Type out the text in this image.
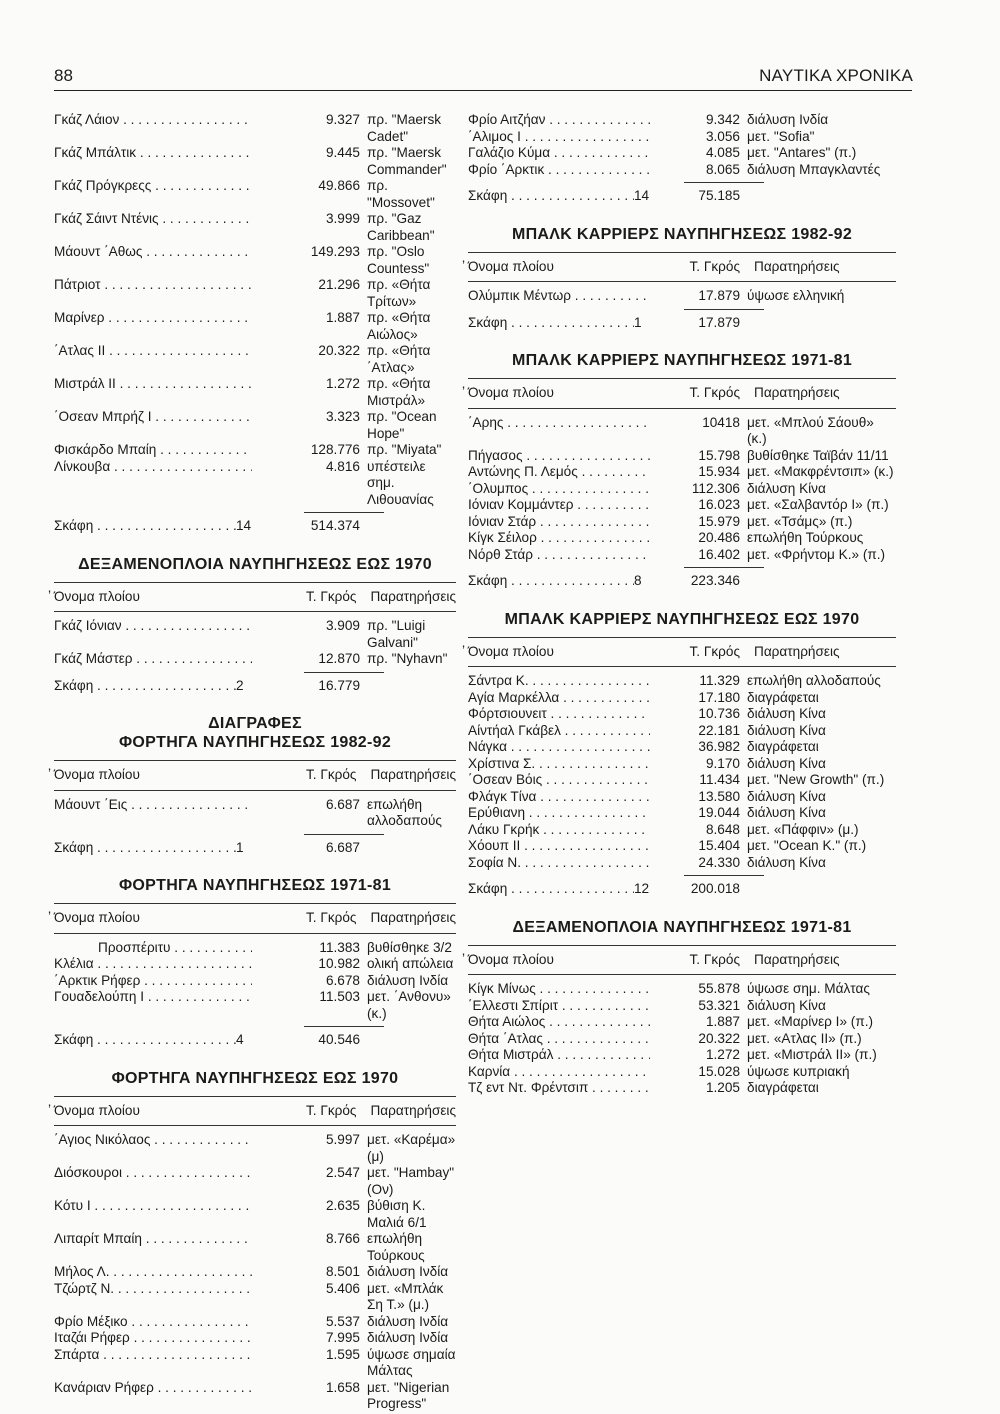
88	ΝΑΥΤΙΚΑ ΧΡΟΝΙΚΑ
Γκάζ Λάιον . . .	9.327 πρ. "Maersk Cadet"
Γκάζ Μπάλτικ . . .	9.445 πρ. "Maersk Commander"
Γκάζ Πρόγκρεςς . . .	49.866 πρ. "Mossovet"
Γκάζ Σάιντ Ντένις . . .	3.999 πρ. "Gaz Caribbean"
Μάουντ ΄Αθως . . .	149.293 πρ. "Oslo Countess"
Πάτριοτ . . .	21.296 πρ. «Θήτα Τρίτων»
Μαρίνερ . . .	1.887 πρ. «Θήτα Αιώλος»
΄Ατλας ΙΙ . . .	20.322 πρ. «Θήτα ΄Ατλας»
Μιστράλ ΙΙ . . .	1.272 πρ. «Θήτα Μιστράλ»
΄Οσεαν Μπρήζ Ι . . .	3.323 πρ. "Ocean Hope"
Φισκάρδο Μπαίη . . .	128.776 πρ. "Miyata"
Λίνκουβα . . .	4.816 υπέστειλε σημ. Λιθουανίας
Σκάφη . . .	14	514.374
ΔΕΞΑΜΕΝΟΠΛΟΙΑ ΝΑΥΠΗΓΗΣΕΩΣ ΕΩΣ 1970
’ Όνομα πλοίου	Τ. Γκρός	Παρατηρήσεις
Γκάζ Ιόνιαν . . .	3.909 πρ. "Luigi Galvani"
Γκάζ Μάστερ . . .	12.870 πρ. "Nyhavn"
Σκάφη . . .	2	16.779
ΔΙΑΓΡΑΦΕΣ
ΦΟΡΤΗΓΑ ΝΑΥΠΗΓΗΣΕΩΣ 1982-92
’ Όνομα πλοίου	Τ. Γκρός	Παρατηρήσεις
Μάουντ ΄Εις . . .	6.687 επωλήθη αλλοδαπούς
Σκάφη . . .	1	6.687
ΦΟΡΤΗΓΑ ΝΑΥΠΗΓΗΣΕΩΣ 1971-81
’ Όνομα πλοίου	Τ. Γκρός	Παρατηρήσεις
Προσπέριτυ . . .	11.383 βυθίσθηκε 3/2
Κλέλια . . .	10.982 ολική απώλεια
΄Αρκτικ Ρήφερ . . .	6.678 διάλυση Ινδία
Γουαδελούπη Ι . . .	11.503 μετ. ΄Ανθονυ» (κ.)
Σκάφη . . .	4	40.546
ΦΟΡΤΗΓΑ ΝΑΥΠΗΓΗΣΕΩΣ ΕΩΣ 1970
’ Όνομα πλοίου	Τ. Γκρός	Παρατηρήσεις
΄Αγιος Νικόλαος . . .	5.997 μετ. «Καρέμα» (μ)
Διόσκουροι . . .	2.547 μετ. "Hambay" (Ον)
Κότυ Ι . . .	2.635 βύθιση Κ. Μαλιά 6/1
Λιπαρίτ Μπαίη . . .	8.766 επωλήθη Τούρκους
Μήλος Λ. . . .	8.501 διάλυση Ινδία
Τζώρτζ Ν. . . .	5.406 μετ. «Μπλάκ Ση Τ.» (μ.)
Φρίο Μέξικο . . .	5.537 διάλυση Ινδία
Ιταζάι Ρήφερ . . .	7.995 διάλυση Ινδία
Σπάρτα . . .	1.595 ύψωσε σημαία Μάλτας
Κανάριαν Ρήφερ . . .	1.658 μετ. "Nigerian Progress"
Φρίο Αιτζήαν . . .	9.342 διάλυση Ινδία
΄Αλιμος Ι . . .	3.056 μετ. "Sofia"
Γαλάζιο Κύμα . . .	4.085 μετ. "Antares" (π.)
Φρίο ΄Αρκτικ . . .	8.065 διάλυση Μπαγκλαντές
Σκάφη . . .	14	75.185
ΜΠΑΛΚ ΚΑΡΡΙΕΡΣ ΝΑΥΠΗΓΗΣΕΩΣ 1982-92
’ Όνομα πλοίου	Τ. Γκρός	Παρατηρήσεις
Ολύμπικ Μέντωρ . . .	17.879 ύψωσε ελληνική
Σκάφη . . .	1	17.879
ΜΠΑΛΚ ΚΑΡΡΙΕΡΣ ΝΑΥΠΗΓΗΣΕΩΣ 1971-81
’ Όνομα πλοίου	Τ. Γκρός	Παρατηρήσεις
΄Αρης . . .	10418 μετ. «Μπλού Σάουθ» (κ.)
Πήγασος . . .	15.798 βυθίσθηκε Ταϊβάν 11/11
Αντώνης Π. Λεμός . . .	15.934 μετ. «Μακφρέντσιπ» (κ.)
΄Ολυμπος . . .	112.306 διάλυση Κίνα
Ιόνιαν Κομμάντερ . . .	16.023 μετ. «Σαλβαντόρ Ι» (π.)
Ιόνιαν Στάρ . . .	15.979 μετ. «Τσάμς» (π.)
Κίγκ Σέιλορ . . .	20.486 επωλήθη Τούρκους
Νόρθ Στάρ . . .	16.402 μετ. «Φρήντομ Κ.» (π.)
Σκάφη . . .	8	223.346
ΜΠΑΛΚ ΚΑΡΡΙΕΡΣ ΝΑΥΠΗΓΗΣΕΩΣ ΕΩΣ 1970
’ Όνομα πλοίου	Τ. Γκρός	Παρατηρήσεις
Σάντρα Κ. . . .	11.329 επωλήθη αλλοδαπούς
Αγία Μαρκέλλα . . .	17.180 διαγράφεται
Φόρτσιουνειτ . . .	10.736 διάλυση Κίνα
Αίντήαλ Γκάβελ . . .	22.181 διάλυση Κίνα
Νάγκα . . .	36.982 διαγράφεται
Χρίστινα Σ. . . .	9.170 διάλυση Κίνα
΄Οσεαν Βόις . . .	11.434 μετ. "New Growth" (π.)
Φλάγκ Τίνα . . .	13.580 διάλυση Κίνα
Ερύθιανη . . .	19.044 διάλυση Κίνα
Λάκυ Γκρήκ . . .	8.648 μετ. «Πάφφιν» (μ.)
Χόουπ ΙΙ . . .	15.404 μετ. "Ocean K." (π.)
Σοφία Ν. . . .	24.330 διάλυση Κίνα
Σκάφη . . .	12	200.018
ΔΕΞΑΜΕΝΟΠΛΟΙΑ ΝΑΥΠΗΓΗΣΕΩΣ 1971-81
’ Όνομα πλοίου	Τ. Γκρός	Παρατηρήσεις
Κίγκ Μίνως . . .	55.878 ύψωσε σημ. Μάλτας
΄Ελλεστι Σπίριτ . . .	53.321 διάλυση Κίνα
Θήτα Αιώλος . . .	1.887 μετ. «Μαρίνερ Ι» (π.)
Θήτα ΄Ατλας . . .	20.322 μετ. «Ατλας ΙΙ» (π.)
Θήτα Μιστράλ . . .	1.272 μετ. «Μιστράλ ΙΙ» (π.)
Καρνία . . .	15.028 ύψωσε κυπριακή
Τζ εντ Ντ. Φρέντσιπ . . .	1.205 διαγράφεται
